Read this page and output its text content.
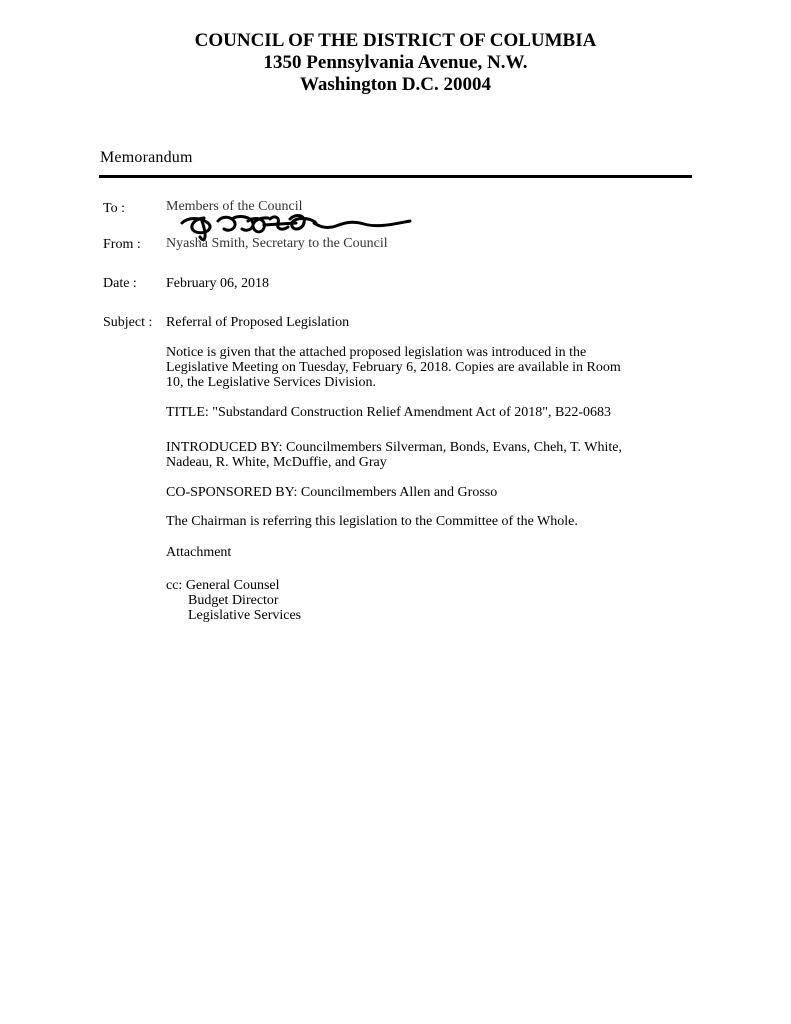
COUNCIL OF THE DISTRICT OF COLUMBIA
1350 Pennsylvania Avenue, N.W.
Washington D.C. 20004
Memorandum
To :	Members of the Council
From : Nyasha Smith, Secretary to the Council
Date : February 06, 2018
Subject : Referral of Proposed Legislation
Notice is given that the attached proposed legislation was introduced in the
Legislative Meeting on Tuesday, February 6, 2018. Copies are available in Room
10, the Legislative Services Division.
TITLE: "Substandard Construction Relief Amendment Act of 2018", B22-0683
INTRODUCED BY: Councilmembers Silverman, Bonds, Evans, Cheh, T. White,
Nadeau, R. White, McDuffie, and Gray
CO-SPONSORED BY: Councilmembers Allen and Grosso
The Chairman is referring this legislation to the Committee of the Whole.
Attachment
cc: General Counsel
Budget Director
Legislative Services
